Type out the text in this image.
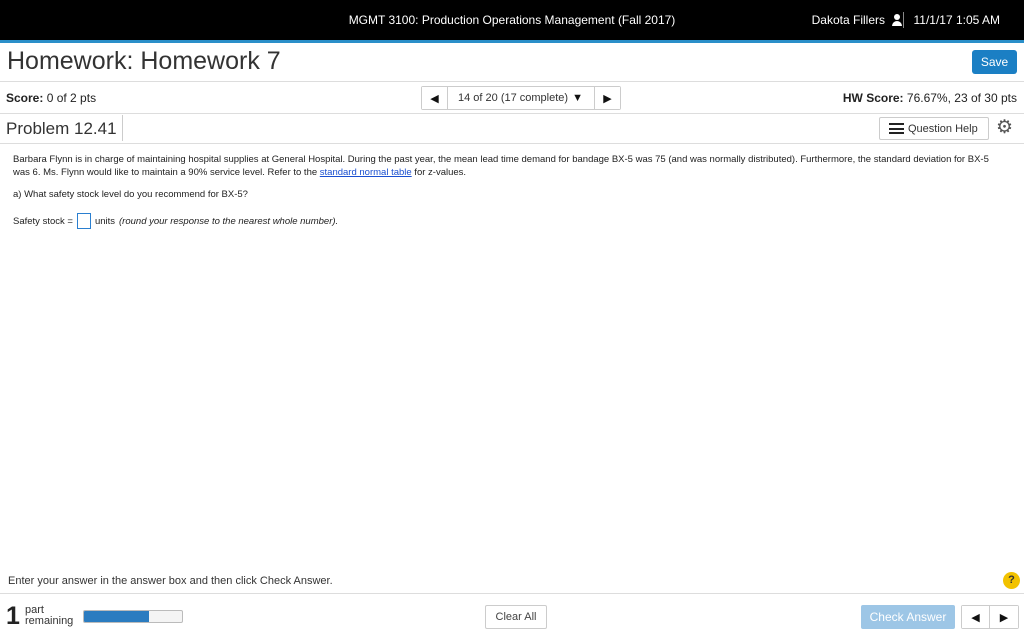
MGMT 3100: Production Operations Management (Fall 2017)	Dakota Fillers 11/1/17 1:05 AM
Homework: Homework 7	Save
Score: 0 of 2 pts	◀ 14 of 20 (17 complete) ▼ ▶	HW Score: 76.67%, 23 of 30 pts
Problem 12.41	Question Help ⚙
Barbara Flynn is in charge of maintaining hospital supplies at General Hospital. During the past year, the mean lead time demand for bandage BX-5 was 75 (and was normally distributed). Furthermore, the standard deviation for BX-5 was 6. Ms. Flynn would like to maintain a 90% service level. Refer to the standard normal table for z-values.
a) What safety stock level do you recommend for BX-5?
Safety stock = units (round your response to the nearest whole number).
Enter your answer in the answer box and then click Check Answer.	?
1 part
remaining	Clear All	Check Answer	◀ ▶
